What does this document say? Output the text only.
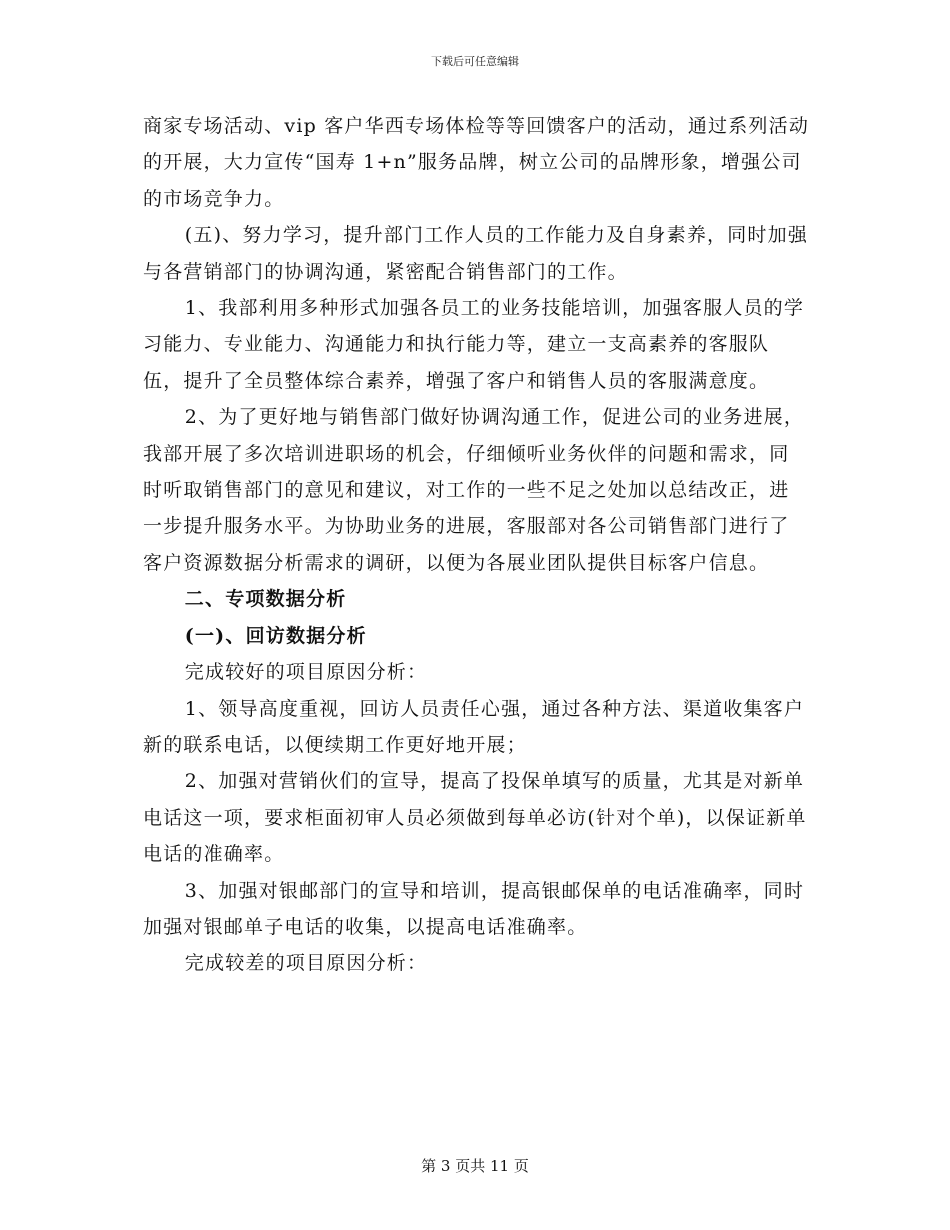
下载后可任意编辑

商家专场活动、vip 客户华西专场体检等等回馈客户的活动，通过系列活动的开展，大力宣传“国寿 1+n”服务品牌，树立公司的品牌形象，增强公司的市场竞争力。

(五)、努力学习，提升部门工作人员的工作能力及自身素养，同时加强与各营销部门的协调沟通，紧密配合销售部门的工作。

1、我部利用多种形式加强各员工的业务技能培训，加强客服人员的学习能力、专业能力、沟通能力和执行能力等，建立一支高素养的客服队伍，提升了全员整体综合素养，增强了客户和销售人员的客服满意度。

2、为了更好地与销售部门做好协调沟通工作，促进公司的业务进展，我部开展了多次培训进职场的机会，仔细倾听业务伙伴的问题和需求，同时听取销售部门的意见和建议，对工作的一些不足之处加以总结改正，进一步提升服务水平。为协助业务的进展，客服部对各公司销售部门进行了客户资源数据分析需求的调研，以便为各展业团队提供目标客户信息。

二、专项数据分析

(一)、回访数据分析

完成较好的项目原因分析：

1、领导高度重视，回访人员责任心强，通过各种方法、渠道收集客户新的联系电话，以便续期工作更好地开展；

2、加强对营销伙们的宣导，提高了投保单填写的质量，尤其是对新单电话这一项，要求柜面初审人员必须做到每单必访(针对个单)，以保证新单电话的准确率。

3、加强对银邮部门的宣导和培训，提高银邮保单的电话准确率，同时加强对银邮单子电话的收集，以提高电话准确率。

完成较差的项目原因分析：

第 3 页共 11 页
